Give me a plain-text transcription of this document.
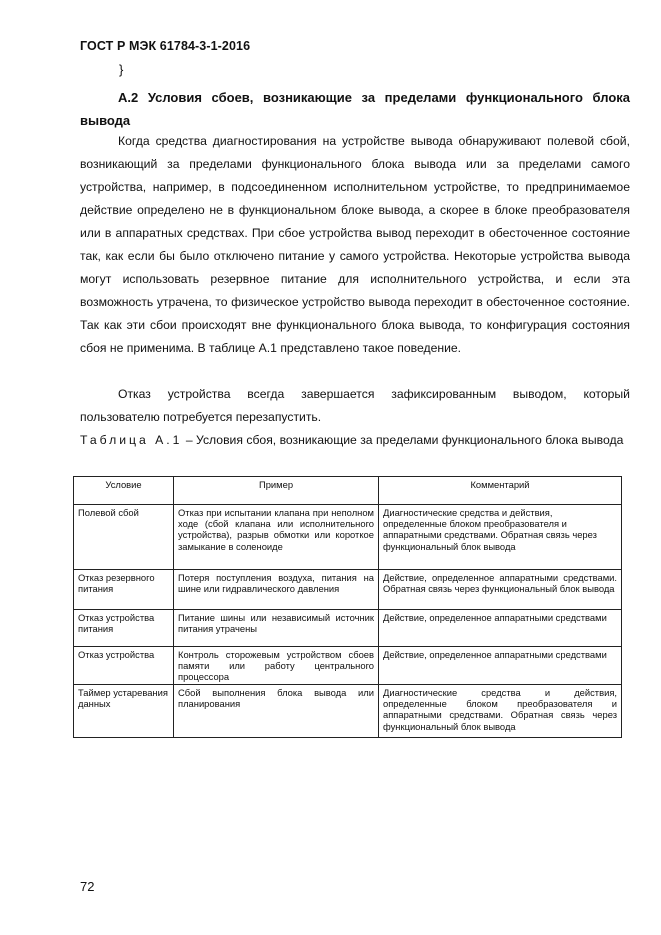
ГОСТ Р МЭК 61784-3-1-2016
}
А.2 Условия сбоев, возникающие за пределами функционального блока вывода
Когда средства диагностирования на устройстве вывода обнаруживают полевой сбой, возникающий за пределами функционального блока вывода или за пределами самого устройства, например, в подсоединенном исполнительном устройстве, то предпринимаемое действие определено не в функциональном блоке вывода, а скорее в блоке преобразователя или в аппаратных средствах. При сбое устройства вывод переходит в обесточенное состояние так, как если бы было отключено питание у самого устройства. Некоторые устройства вывода могут использовать резервное питание для исполнительного устройства, и если эта возможность утрачена, то физическое устройство вывода переходит в обесточенное состояние. Так как эти сбои происходят вне функционального блока вывода, то конфигурация состояния сбоя не применима. В таблице А.1 представлено такое поведение.
Отказ устройства всегда завершается зафиксированным выводом, который пользователю потребуется перезапустить.
Таблица А.1 – Условия сбоя, возникающие за пределами функционального блока вывода
Условие	Пример	Комментарий
Полевой сбой	Отказ при испытании клапана при неполном ходе (сбой клапана или исполнительного устройства), разрыв обмотки или короткое замыкание в соленоиде	Диагностические средства и действия, определенные блоком преобразователя и аппаратными средствами. Обратная связь через функциональный блок вывода
Отказ резервного питания	Потеря поступления воздуха, питания на шине или гидравлического давления	Действие, определенное аппаратными средствами. Обратная связь через функциональный блок вывода
Отказ устройства питания	Питание шины или независимый источник питания утрачены	Действие, определенное аппаратными средствами
Отказ устройства	Контроль сторожевым устройством сбоев памяти или работу центрального процессора	Действие, определенное аппаратными средствами
Таймер устаревания данных	Сбой выполнения блока вывода или планирования	Диагностические средства и действия, определенные блоком преобразователя и аппаратными средствами. Обратная связь через функциональный блок вывода
72
